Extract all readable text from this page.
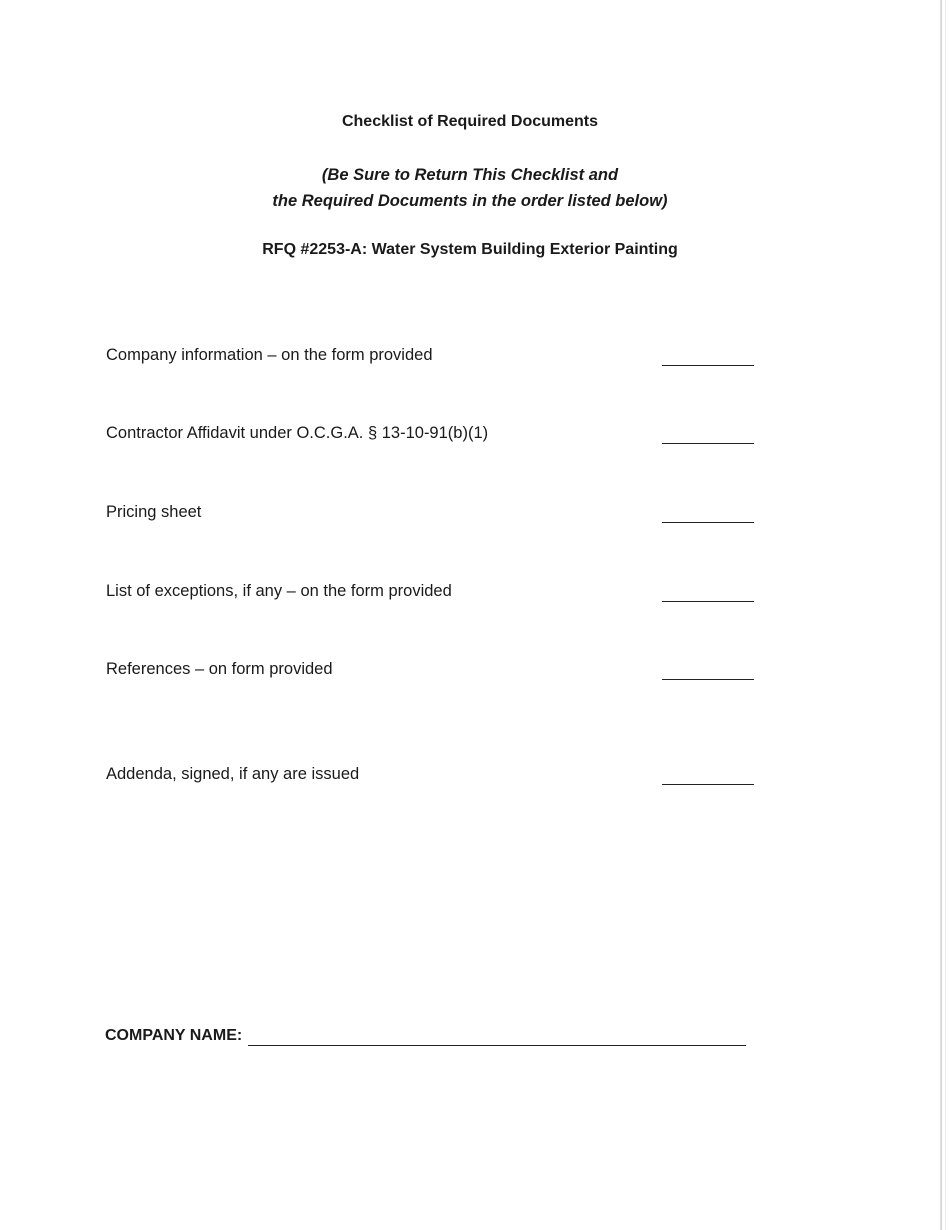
Checklist of Required Documents
(Be Sure to Return This Checklist and
the Required Documents in the order listed below)
RFQ #2253-A: Water System Building Exterior Painting
Company information – on the form provided
Contractor Affidavit under O.C.G.A. § 13-10-91(b)(1)
Pricing sheet
List of exceptions, if any – on the form provided
References – on form provided
Addenda, signed, if any are issued
COMPANY NAME:
